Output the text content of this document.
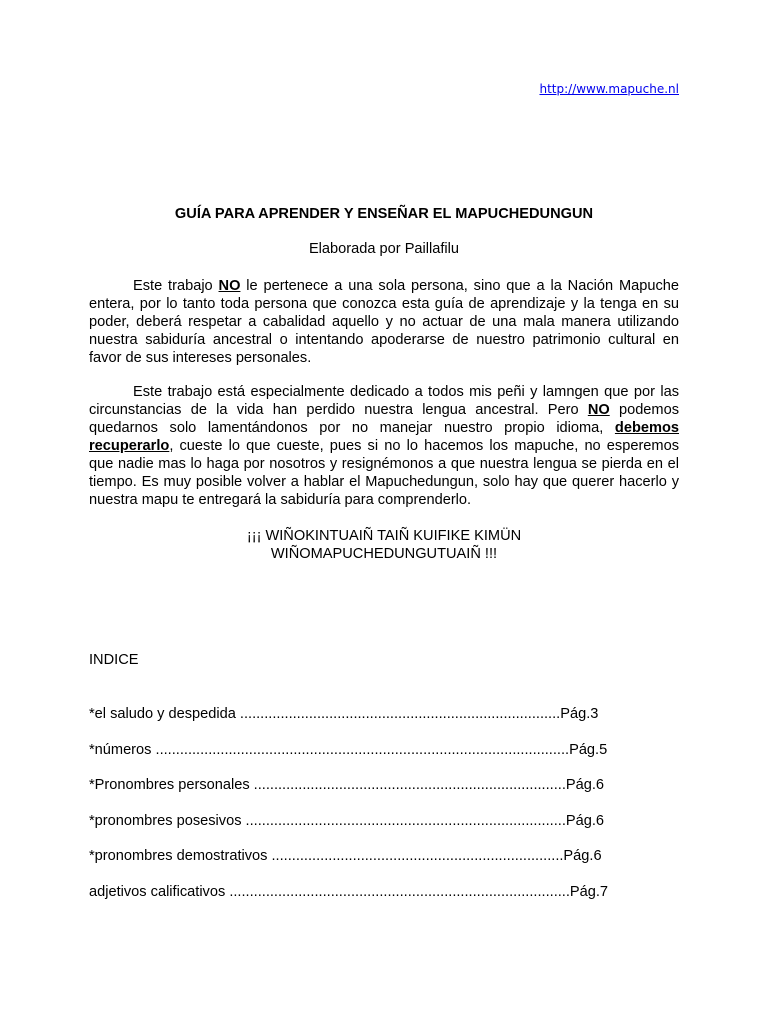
http://www.mapuche.nl
GUÍA PARA APRENDER Y ENSEÑAR EL MAPUCHEDUNGUN
Elaborada por Paillafilu

Este trabajo NO le pertenece a una sola persona, sino que a la Nación Mapuche entera, por lo tanto toda persona que conozca esta guía de aprendizaje y la tenga en su poder, deberá respetar a cabalidad aquello y no actuar de una mala manera utilizando nuestra sabiduría ancestral o intentando apoderarse de nuestro patrimonio cultural en favor de sus intereses personales.

Este trabajo está especialmente dedicado a todos mis peñi y lamngen que por las circunstancias de la vida han perdido nuestra lengua ancestral. Pero NO podemos quedarnos solo lamentándonos por no manejar nuestro propio idioma, debemos recuperarlo, cueste lo que cueste, pues si no lo hacemos los mapuche, no esperemos que nadie mas lo haga por nosotros y resignémonos a que nuestra lengua se pierda en el tiempo. Es muy posible volver a hablar el Mapuchedungun, solo hay que querer hacerlo y nuestra mapu te entregará la sabiduría para comprenderlo.

¡¡¡ WIÑOKINTUAIÑ TAIÑ KUIFIKE KIMÜN
WIÑOMAPUCHEDUNGUTUAIÑ !!!
INDICE
*el saludo y despedida ...............................................................................Pág.3
*números ......................................................................................................Pág.5
*Pronombres personales .............................................................................Pág.6
*pronombres posesivos ...............................................................................Pág.6
*pronombres demostrativos ........................................................................Pág.6
adjetivos calificativos ....................................................................................Pág.7
